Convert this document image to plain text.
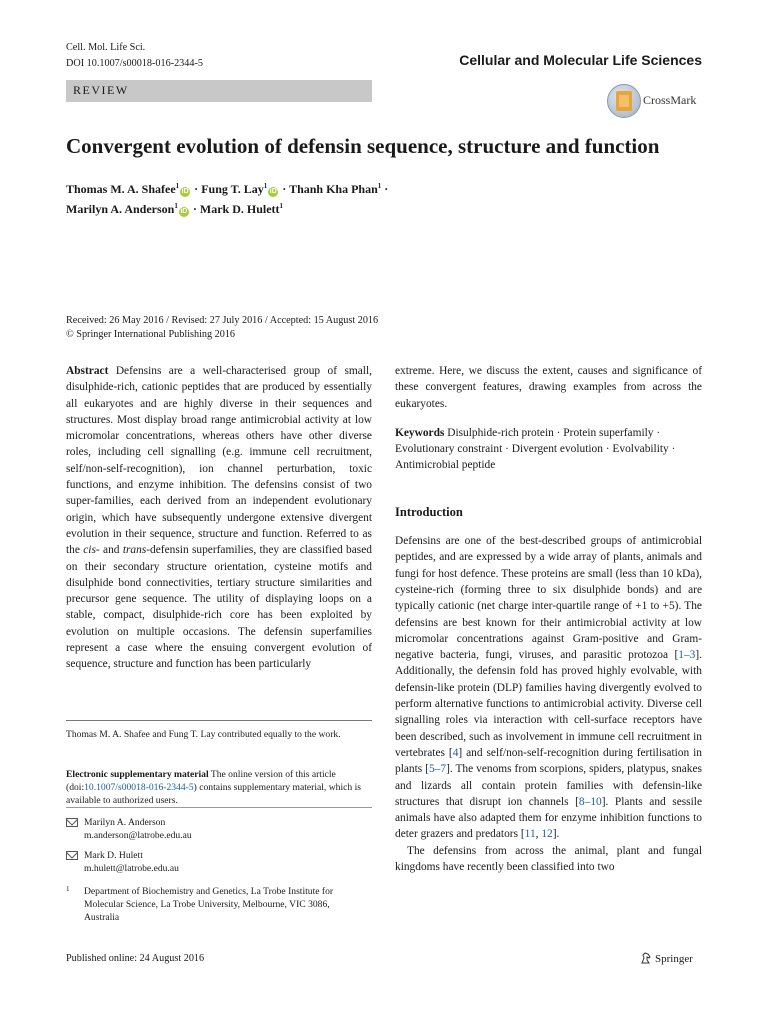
Cell. Mol. Life Sci.
DOI 10.1007/s00018-016-2344-5	Cellular and Molecular Life Sciences
REVIEW
CrossMark
Convergent evolution of defensin sequence, structure and function
Thomas M. A. Shafee$^1$iD · Fung T. Lay$^1$iD · Thanh Kha Phan$^1$ ·
Marilyn A. Anderson$^1$iD · Mark D. Hulett$^1$
Received: 26 May 2016 / Revised: 27 July 2016 / Accepted: 15 August 2016
© Springer International Publishing 2016
Abstract Defensins are a well-characterised group of small, disulphide-rich, cationic peptides that are produced by essentially all eukaryotes and are highly diverse in their sequences and structures. Most display broad range antimicrobial activity at low micromolar concentrations, whereas others have other diverse roles, including cell signalling (e.g. immune cell recruitment, self/non-self-recognition), ion channel perturbation, toxic functions, and enzyme inhibition. The defensins consist of two super-families, each derived from an independent evolutionary origin, which have subsequently undergone extensive divergent evolution in their sequence, structure and function. Referred to as the cis- and trans-defensin superfamilies, they are classified based on their secondary structure orientation, cysteine motifs and disulphide bond connectivities, tertiary structure similarities and precursor gene sequence. The utility of displaying loops on a stable, compact, disulphide-rich core has been exploited by evolution on multiple occasions. The defensin superfamilies represent a case where the ensuing convergent evolution of sequence, structure and function has been particularly
Thomas M. A. Shafee and Fung T. Lay contributed equally to the work.
Electronic supplementary material The online version of this article (doi:10.1007/s00018-016-2344-5) contains supplementary material, which is available to authorized users.
Marilyn A. Anderson
m.anderson@latrobe.edu.au
Mark D. Hulett
m.hulett@latrobe.edu.au
1 Department of Biochemistry and Genetics, La Trobe Institute for Molecular Science, La Trobe University, Melbourne, VIC 3086, Australia
extreme. Here, we discuss the extent, causes and significance of these convergent features, drawing examples from across the eukaryotes.
Keywords Disulphide-rich protein · Protein superfamily · Evolutionary constraint · Divergent evolution · Evolvability · Antimicrobial peptide
Introduction
Defensins are one of the best-described groups of antimicrobial peptides, and are expressed by a wide array of plants, animals and fungi for host defence. These proteins are small (less than 10 kDa), cysteine-rich (forming three to six disulphide bonds) and are typically cationic (net charge inter-quartile range of +1 to +5). The defensins are best known for their antimicrobial activity at low micromolar concentrations against Gram-positive and Gram-negative bacteria, fungi, viruses, and parasitic protozoa [1–3]. Additionally, the defensin fold has proved highly evolvable, with defensin-like protein (DLP) families having divergently evolved to perform alternative functions to antimicrobial activity. Diverse cell signalling roles via interaction with cell-surface receptors have been described, such as involvement in immune cell recruitment in vertebrates [4] and self/non-self-recognition during fertilisation in plants [5–7]. The venoms from scorpions, spiders, platypus, snakes and lizards all contain protein families with defensin-like structures that disrupt ion channels [8–10]. Plants and sessile animals have also adapted them for enzyme inhibition functions to deter grazers and predators [11, 12].
The defensins from across the animal, plant and fungal kingdoms have recently been classified into two
Published online: 24 August 2016	Springer
